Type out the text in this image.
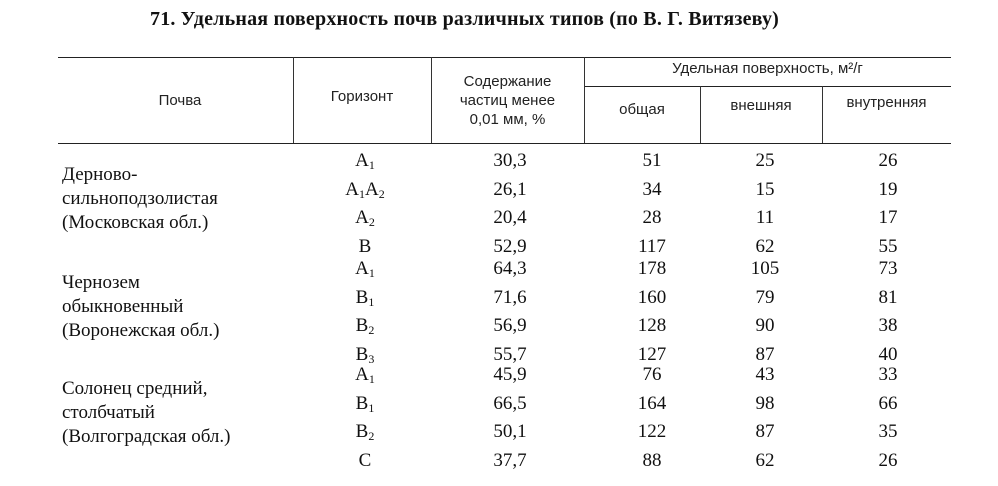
71. Удельная поверхность почв различных типов (по В. Г. Витязеву)
Почва	Горизонт
Содержание
частиц менее
0,01 мм, %
Удельная поверхность, м²/г
общая	внешняя	внутренняя
Дерново-
сильноподзолистая
(Московская обл.)
$A_1$	30,3	51	25	26
$A_1A_2$	26,1	34	15	19
$A_2$	20,4	28	11	17
B	52,9	117	62	55
Чернозем
обыкновенный
(Воронежская обл.)
$A_1$	64,3	178	105	73
$B_1$	71,6	160	79	81
$B_2$	56,9	128	90	38
$B_3$	55,7	127	87	40
Солонец средний,
столбчатый
(Волгоградская обл.)
$A_1$	45,9	76	43	33
$B_1$	66,5	164	98	66
$B_2$	50,1	122	87	35
C	37,7	88	62	26
